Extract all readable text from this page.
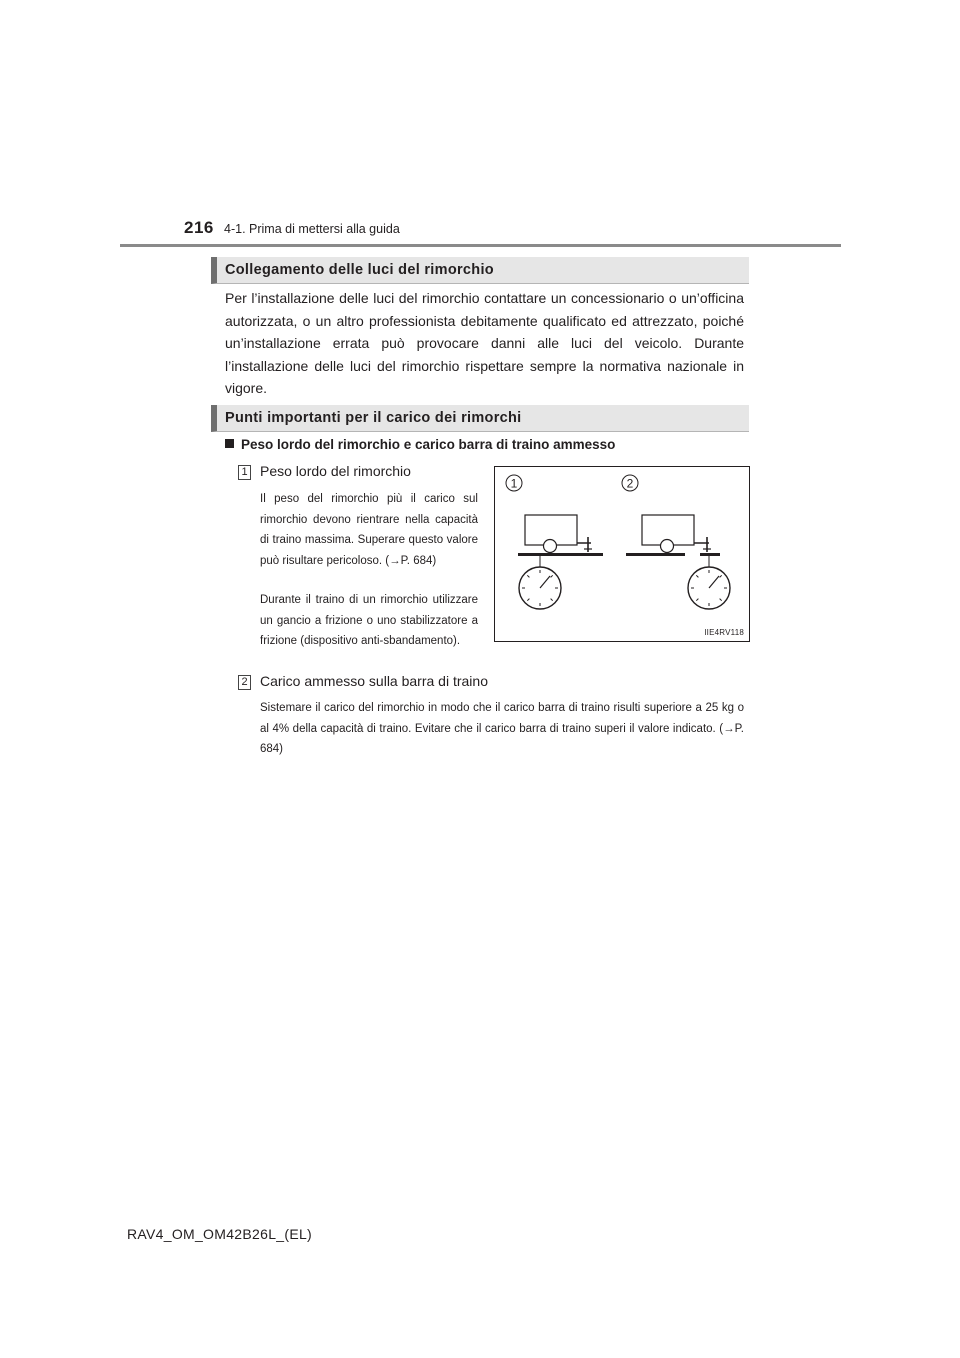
216 4-1. Prima di mettersi alla guida
Collegamento delle luci del rimorchio
Per l’installazione delle luci del rimorchio contattare un concessionario o un’officina autorizzata, o un altro professionista debitamente qualificato ed attrezzato, poiché un’installazione errata può provocare danni alle luci del veicolo. Durante l’installazione delle luci del rimorchio rispettare sempre la normativa nazionale in vigore.
Punti importanti per il carico dei rimorchi
Peso lordo del rimorchio e carico barra di traino ammesso
1 Peso lordo del rimorchio
Il peso del rimorchio più il carico sul rimorchio devono rientrare nella capacità di traino massima. Superare questo valore può risultare pericoloso. (→P. 684)
Durante il traino di un rimorchio utilizzare un gancio a frizione o uno stabilizzatore a frizione (dispositivo anti-sbandamento).
1	2
IIE4RV118
2 Carico ammesso sulla barra di traino
Sistemare il carico del rimorchio in modo che il carico barra di traino risulti superiore a 25 kg o al 4% della capacità di traino. Evitare che il carico barra di traino superi il valore indicato. (→P. 684)
RAV4_OM_OM42B26L_(EL)
